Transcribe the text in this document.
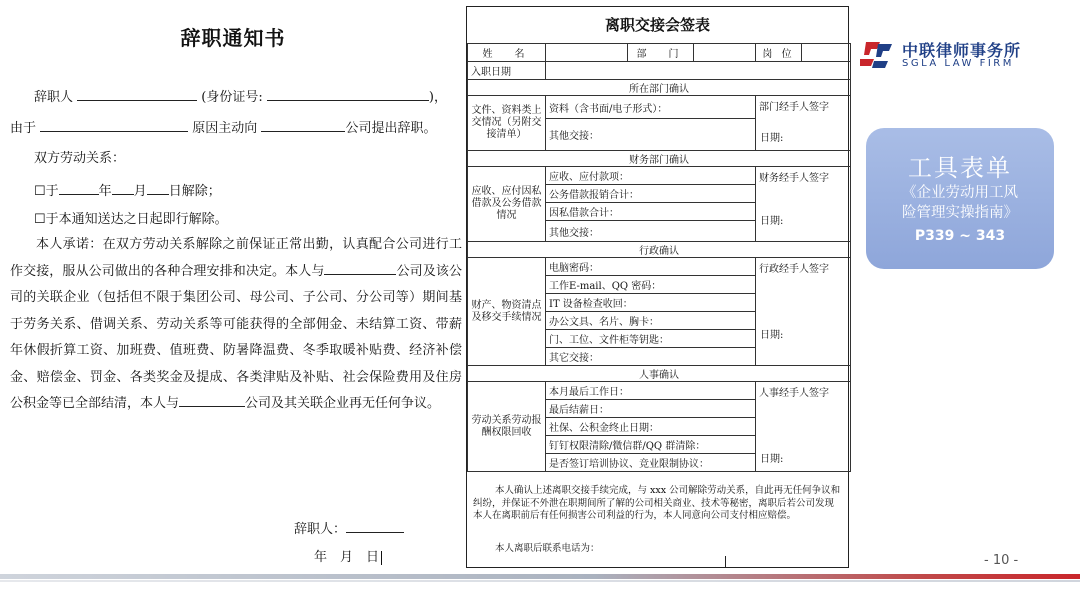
辞职通知书
辞职人	(身份证号:	)，
由于	原因主动向	公司提出辞职。
双方劳动关系：
☐于	年 月 日解除；
☐于本通知送达之日起即行解除。
本人承诺：在双方劳动关系解除之前保证正常出勤，认真配合公司进行工作交接，服从公司做出的各种合理安排和决定。本人与	公司及该公司的关联企业（包括但不限于集团公司、母公司、子公司、分公司等）期间基于劳务关系、借调关系、劳动关系等可能获得的全部佣金、未结算工资、带薪年休假折算工资、加班费、值班费、防暑降温费、冬季取暖补贴费、经济补偿金、赔偿金、罚金、各类奖金及提成、各类津贴及补贴、社会保险费用及住房公积金等已全部结清，本人与	公司及其关联企业再无任何争议。
辞职人：
年　月　日
离职交接会签表
姓　名		部　门		岗 位	
入职日期					
所在部门确认					
文件、资料类上交情况（另附交接清单）	资料（含书面/电子形式）：			部门经手人签字
日期:	

	其他交接：				
财务部门确认					
应收、应付因私借款及公务借款情况	应收、应付款项：			财务经手人签字
日期:	

	公务借款报销合计：				
	因私借款合计：				
	其他交接：				
行政确认					
财产、物资清点及移交手续情况	电脑密码：			行政经手人签字
日期:	

	工作E-mail、QQ 密码：				
	IT 设备检查收回：				
	办公文具、名片、胸卡：				
	门、工位、文件柜等钥匙：				
	其它交接：				
人事确认					
劳动关系劳动报酬权限回收	本月最后工作日：			人事经手人签字
日期:	

	最后结薪日：				
	社保、公积金终止日期：				
	钉钉权限清除/微信群/QQ 群清除：				
	是否签订培训协议、竞业限制协议：				
本人确认上述离职交接手续完成，与 xxx 公司解除劳动关系，自此再无任何争议和纠纷，并保证不外泄在职期间所了解的公司相关商业、技术等秘密，离职后若公司发现本人在离职前后有任何损害公司利益的行为，本人同意向公司支付相应赔偿。
本人离职后联系电话为：
中联律师事务所
SGLA LAW FIRM
工具表单
《企业劳动用工风
险管理实操指南》
P339 ~ 343
- 10 -
